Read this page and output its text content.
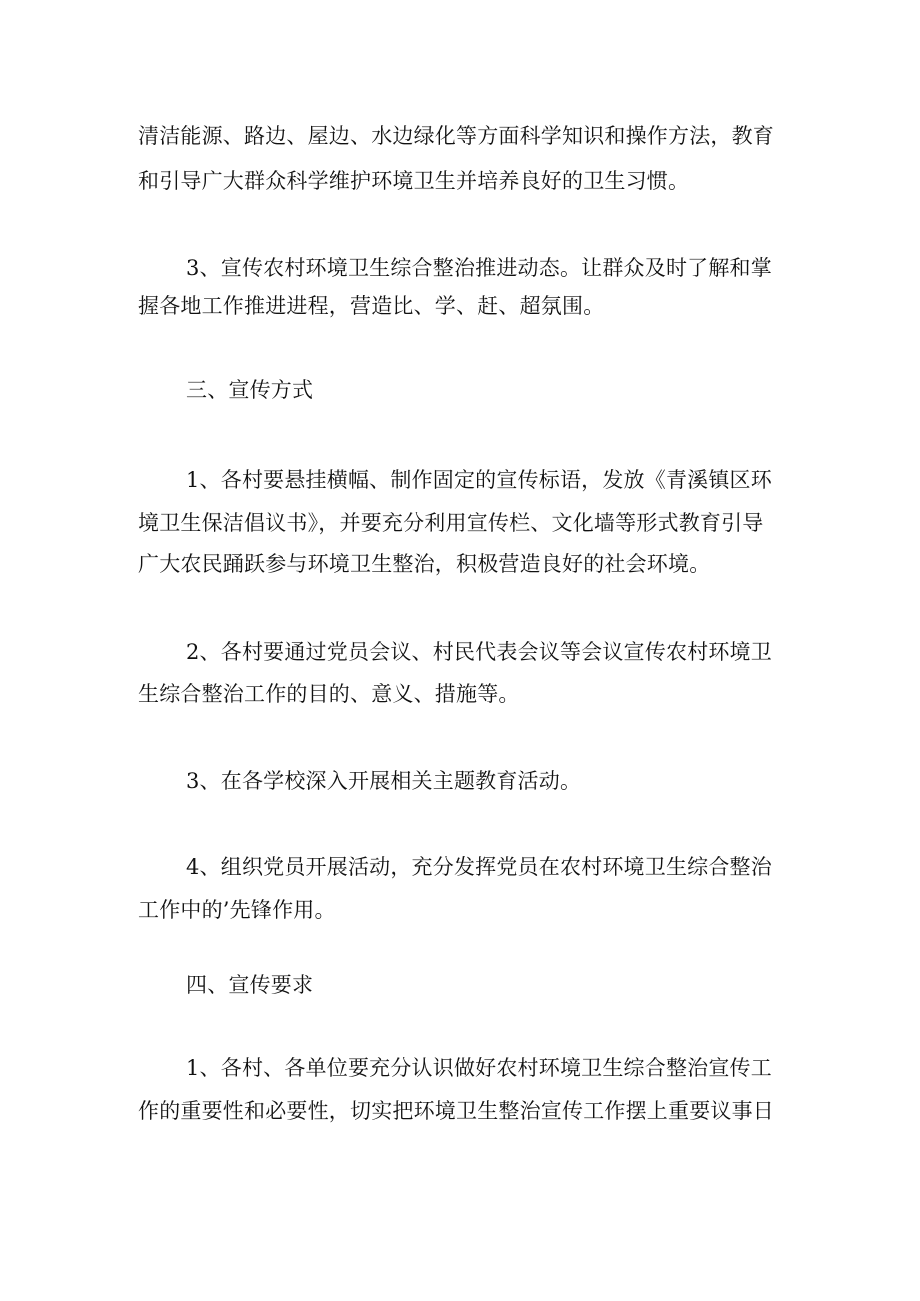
清洁能源、路边、屋边、水边绿化等方面科学知识和操作方法，教育
和引导广大群众科学维护环境卫生并培养良好的卫生习惯。
3、宣传农村环境卫生综合整治推进动态。让群众及时了解和掌
握各地工作推进进程，营造比、学、赶、超氛围。
三、宣传方式
1、各村要悬挂横幅、制作固定的宣传标语，发放《青溪镇区环
境卫生保洁倡议书》，并要充分利用宣传栏、文化墙等形式教育引导
广大农民踊跃参与环境卫生整治，积极营造良好的社会环境。
2、各村要通过党员会议、村民代表会议等会议宣传农村环境卫
生综合整治工作的目的、意义、措施等。
3、在各学校深入开展相关主题教育活动。
4、组织党员开展活动，充分发挥党员在农村环境卫生综合整治
工作中的’先锋作用。
四、宣传要求
1、各村、各单位要充分认识做好农村环境卫生综合整治宣传工
作的重要性和必要性，切实把环境卫生整治宣传工作摆上重要议事日
